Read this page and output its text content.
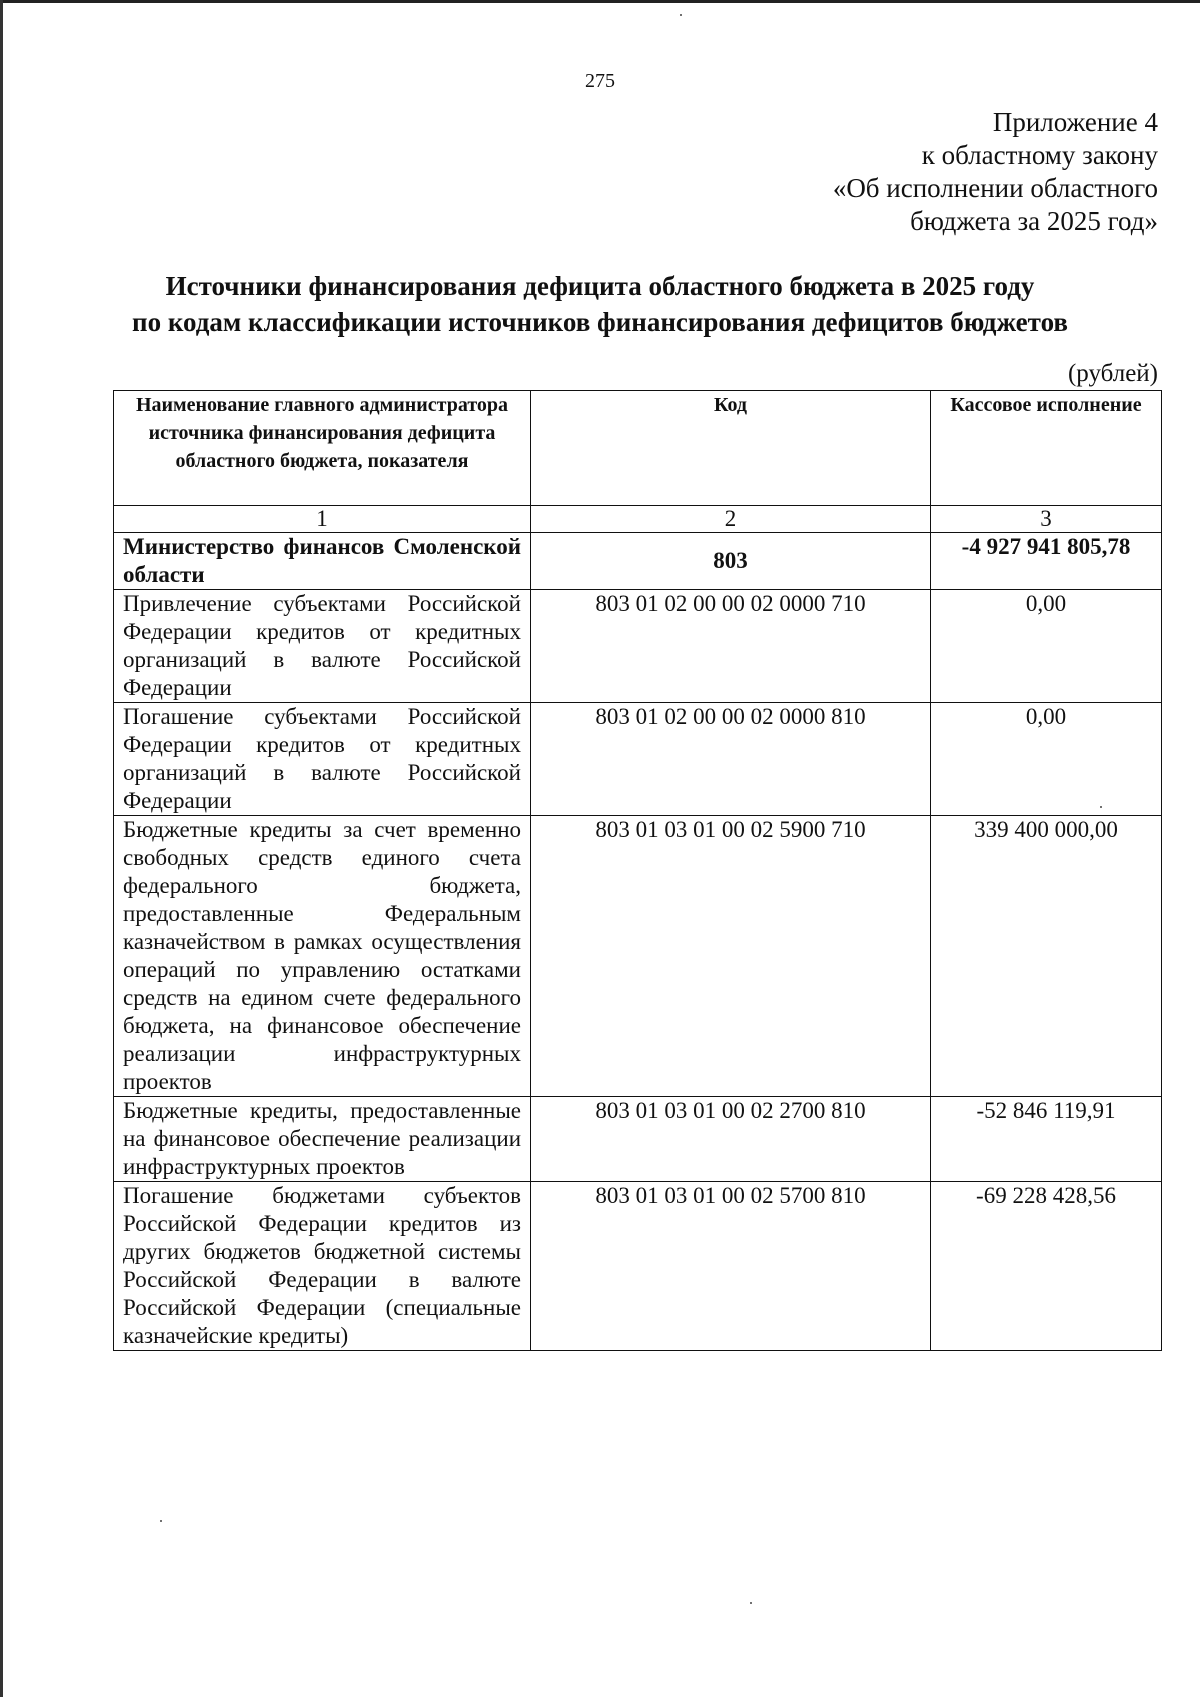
275
Приложение 4
к областному закону
«Об исполнении областного
бюджета за 2025 год»
Источники финансирования дефицита областного бюджета в 2025 году
по кодам классификации источников финансирования дефицитов бюджетов
(рублей)
Наименование главного администратора источника финансирования дефицита областного бюджета, показателя	Код	Кассовое исполнение
1	2	3
Министерство финансов Смоленской области	803	-4 927 941 805,78
Привлечение субъектами Российской Федерации кредитов от кредитных организаций в валюте Российской Федерации	803 01 02 00 00 02 0000 710	0,00
Погашение субъектами Российской Федерации кредитов от кредитных организаций в валюте Российской Федерации	803 01 02 00 00 02 0000 810	0,00
Бюджетные кредиты за счет временно свободных средств единого счета федерального бюджета, предоставленные Федеральным казначейством в рамках осуществления операций по управлению остатками средств на едином счете федерального бюджета, на финансовое обеспечение реализации инфраструктурных проектов	803 01 03 01 00 02 5900 710	339 400 000,00
Бюджетные кредиты, предоставленные на финансовое обеспечение реализации инфраструктурных проектов	803 01 03 01 00 02 2700 810	-52 846 119,91
Погашение бюджетами субъектов Российской Федерации кредитов из других бюджетов бюджетной системы Российской Федерации в валюте Российской Федерации (специальные казначейские кредиты)	803 01 03 01 00 02 5700 810	-69 228 428,56
